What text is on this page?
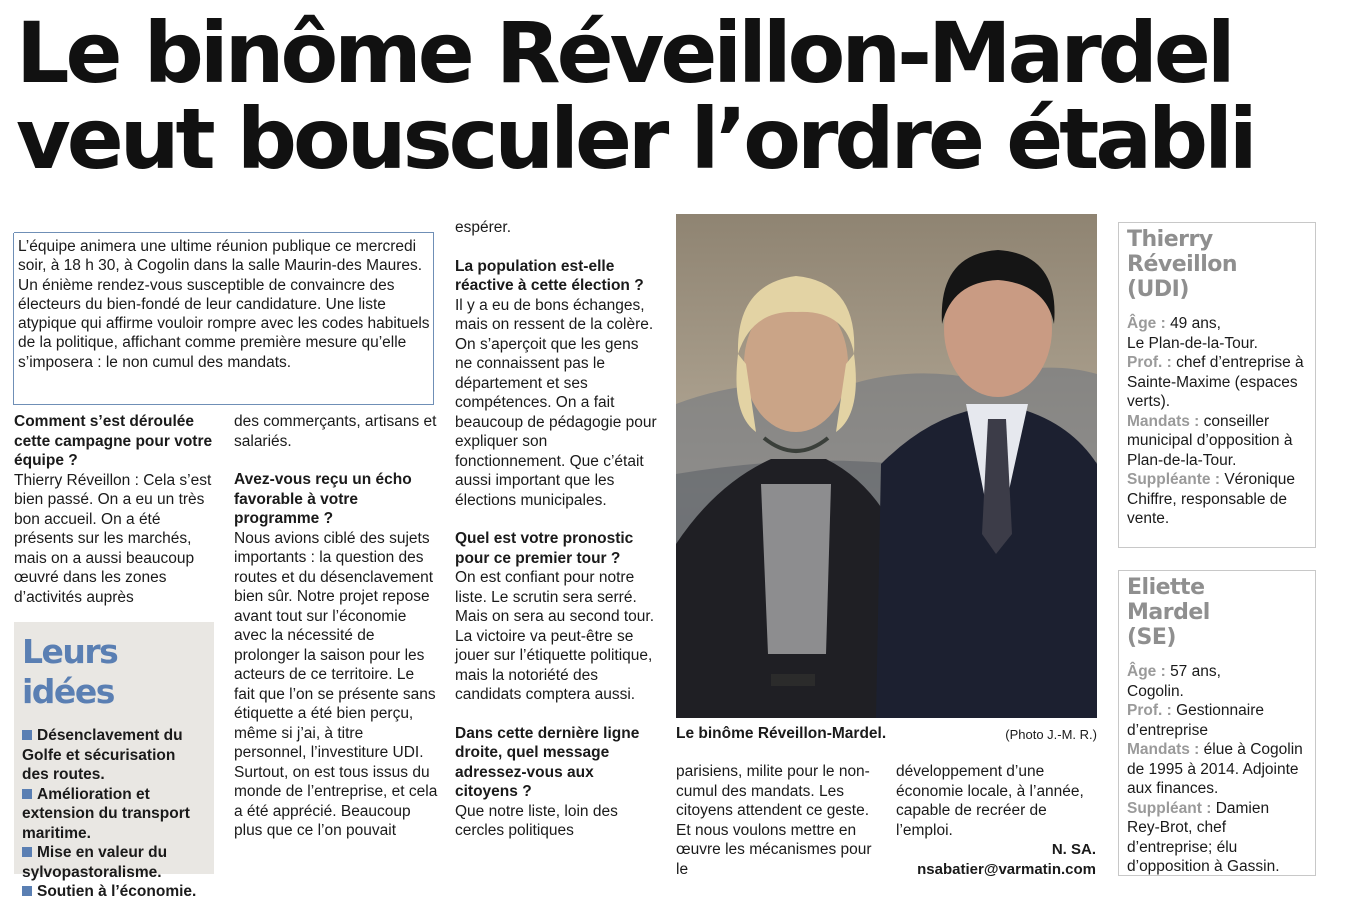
Le binôme Réveillon-Mardel
veut bousculer l’ordre établi
L’équipe animera une ultime réunion publique ce mercredi soir, à 18 h 30, à Cogolin dans la salle Maurin-des Maures. Un énième rendez-vous susceptible de convaincre des électeurs du bien-fondé de leur candidature. Une liste atypique qui affirme vouloir rompre avec les codes habituels de la politique, affichant comme première mesure qu’elle s’imposera : le non cumul des mandats.
Comment s’est déroulée cette campagne pour votre équipe ?

Thierry Réveillon : Cela s’est bien passé. On a eu un très bon accueil. On a été présents sur les marchés, mais on a aussi beaucoup œuvré dans les zones d’activités auprès

Leurs idées
Désenclavement du Golfe et sécurisation des routes.
Amélioration et extension du transport maritime.
Mise en valeur du sylvopastoralisme.
Soutien à l’économie.

des commerçants, artisans et salariés.

Avez-vous reçu un écho favorable à votre programme ?

Nous avions ciblé des sujets importants : la question des routes et du désenclavement bien sûr. Notre projet repose avant tout sur l’économie avec la nécessité de prolonger la saison pour les acteurs de ce territoire. Le fait que l’on se présente sans étiquette a été bien perçu, même si j’ai, à titre personnel, l’investiture UDI. Surtout, on est tous issus du monde de l’entreprise, et cela a été apprécié. Beaucoup plus que ce l’on pouvait

espérer.

La population est-elle réactive à cette élection ?

Il y a eu de bons échanges, mais on ressent de la colère. On s’aperçoit que les gens ne connaissent pas le département et ses compétences. On a fait beaucoup de pédagogie pour expliquer son fonctionnement. Que c’était aussi important que les élections municipales.

Quel est votre pronostic pour ce premier tour ?

On est confiant pour notre liste. Le scrutin sera serré. Mais on sera au second tour. La victoire va peut-être se jouer sur l’étiquette politique, mais la notoriété des candidats comptera aussi.

Dans cette dernière ligne droite, quel message adressez-vous aux citoyens ?

Que notre liste, loin des cercles politiques

Le binôme Réveillon-Mardel.	(Photo J.-M. R.)

parisiens, milite pour le non-cumul des mandats. Les citoyens attendent ce geste. Et nous voulons mettre en œuvre les mécanismes pour le

développement d’une économie locale, à l’année, capable de recréer de l’emploi.

N. SA.
nsabatier@varmatin.com
Thierry
Réveillon
(UDI)
Âge : 49 ans,
Le Plan-de-la-Tour.
Prof. : chef d’entreprise à Sainte-Maxime (espaces verts).
Mandats : conseiller municipal d’opposition à Plan-de-la-Tour.
Suppléante : Véronique Chiffre, responsable de vente.
Eliette
Mardel
(SE)
Âge : 57 ans,
Cogolin.
Prof. : Gestionnaire d’entreprise
Mandats : élue à Cogolin de 1995 à 2014. Adjointe aux finances.
Suppléant : Damien Rey-Brot, chef d’entreprise; élu d’opposition à Gassin.
